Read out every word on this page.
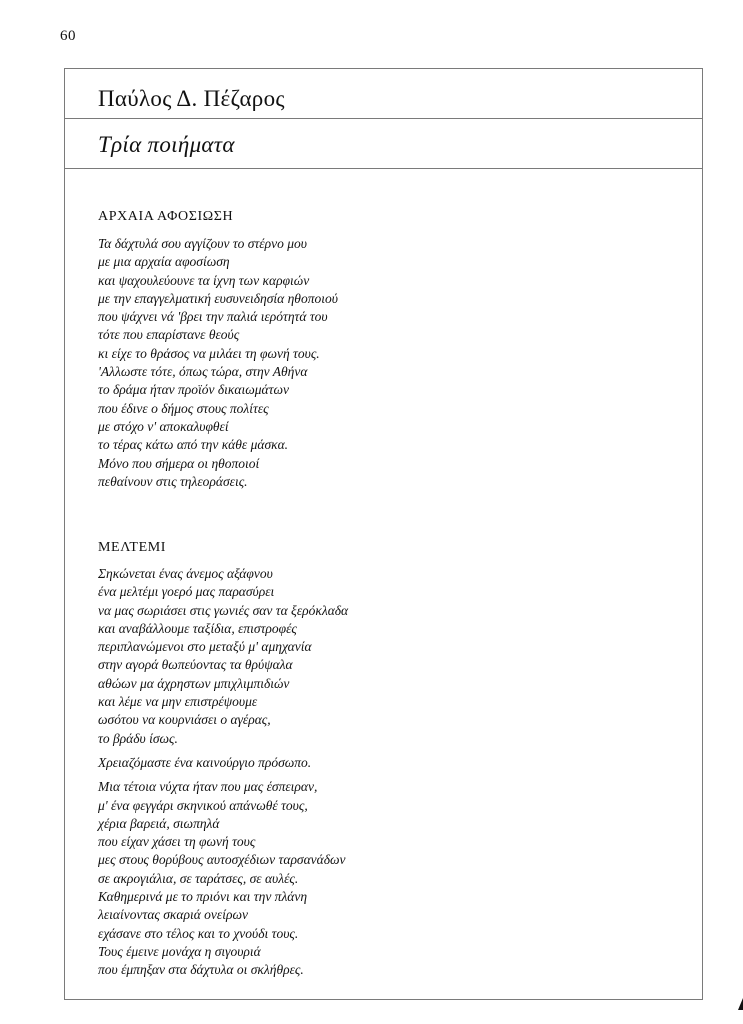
60
Παύλος Δ. Πέζαρος
Τρία ποιήματα
ΑΡΧΑΙΑ ΑΦΟΣΙΩΣΗ
Τα δάχτυλά σου αγγίζουν το στέρνο μου
με μια αρχαία αφοσίωση
και ψαχουλεύουνε τα ίχνη των καρφιών
με την επαγγελματική ευσυνειδησία ηθοποιού
που ψάχνει νά 'βρει την παλιά ιερότητά του
τότε που επαρίστανε θεούς
κι είχε το θράσος να μιλάει τη φωνή τους.
'Αλλωστε τότε, όπως τώρα, στην Αθήνα
το δράμα ήταν προϊόν δικαιωμάτων
που έδινε ο δήμος στους πολίτες
με στόχο ν' αποκαλυφθεί
το τέρας κάτω από την κάθε μάσκα.
Μόνο που σήμερα οι ηθοποιοί
πεθαίνουν στις τηλεοράσεις.
ΜΕΛΤΕΜΙ
Σηκώνεται ένας άνεμος αξάφνου
ένα μελτέμι γοερό μας παρασύρει
να μας σωριάσει στις γωνιές σαν τα ξερόκλαδα
και αναβάλλουμε ταξίδια, επιστροφές
περιπλανώμενοι στο μεταξύ μ' αμηχανία
στην αγορά θωπεύοντας τα θρύψαλα
αθώων μα άχρηστων μπιχλιμπιδιών
και λέμε να μην επιστρέψουμε
ωσότου να κουρνιάσει ο αγέρας,
το βράδυ ίσως.
Χρειαζόμαστε ένα καινούργιο πρόσωπο.
Μια τέτοια νύχτα ήταν που μας έσπειραν,
μ' ένα φεγγάρι σκηνικού απάνωθέ τους,
χέρια βαρειά, σιωπηλά
που είχαν χάσει τη φωνή τους
μες στους θορύβους αυτοσχέδιων ταρσανάδων
σε ακρογιάλια, σε ταράτσες, σε αυλές.
Καθημερινά με το πριόνι και την πλάνη
λειαίνοντας σκαριά ονείρων
εχάσανε στο τέλος και το χνούδι τους.
Τους έμεινε μονάχα η σιγουριά
που έμπηξαν στα δάχτυλα οι σκλήθρες.
